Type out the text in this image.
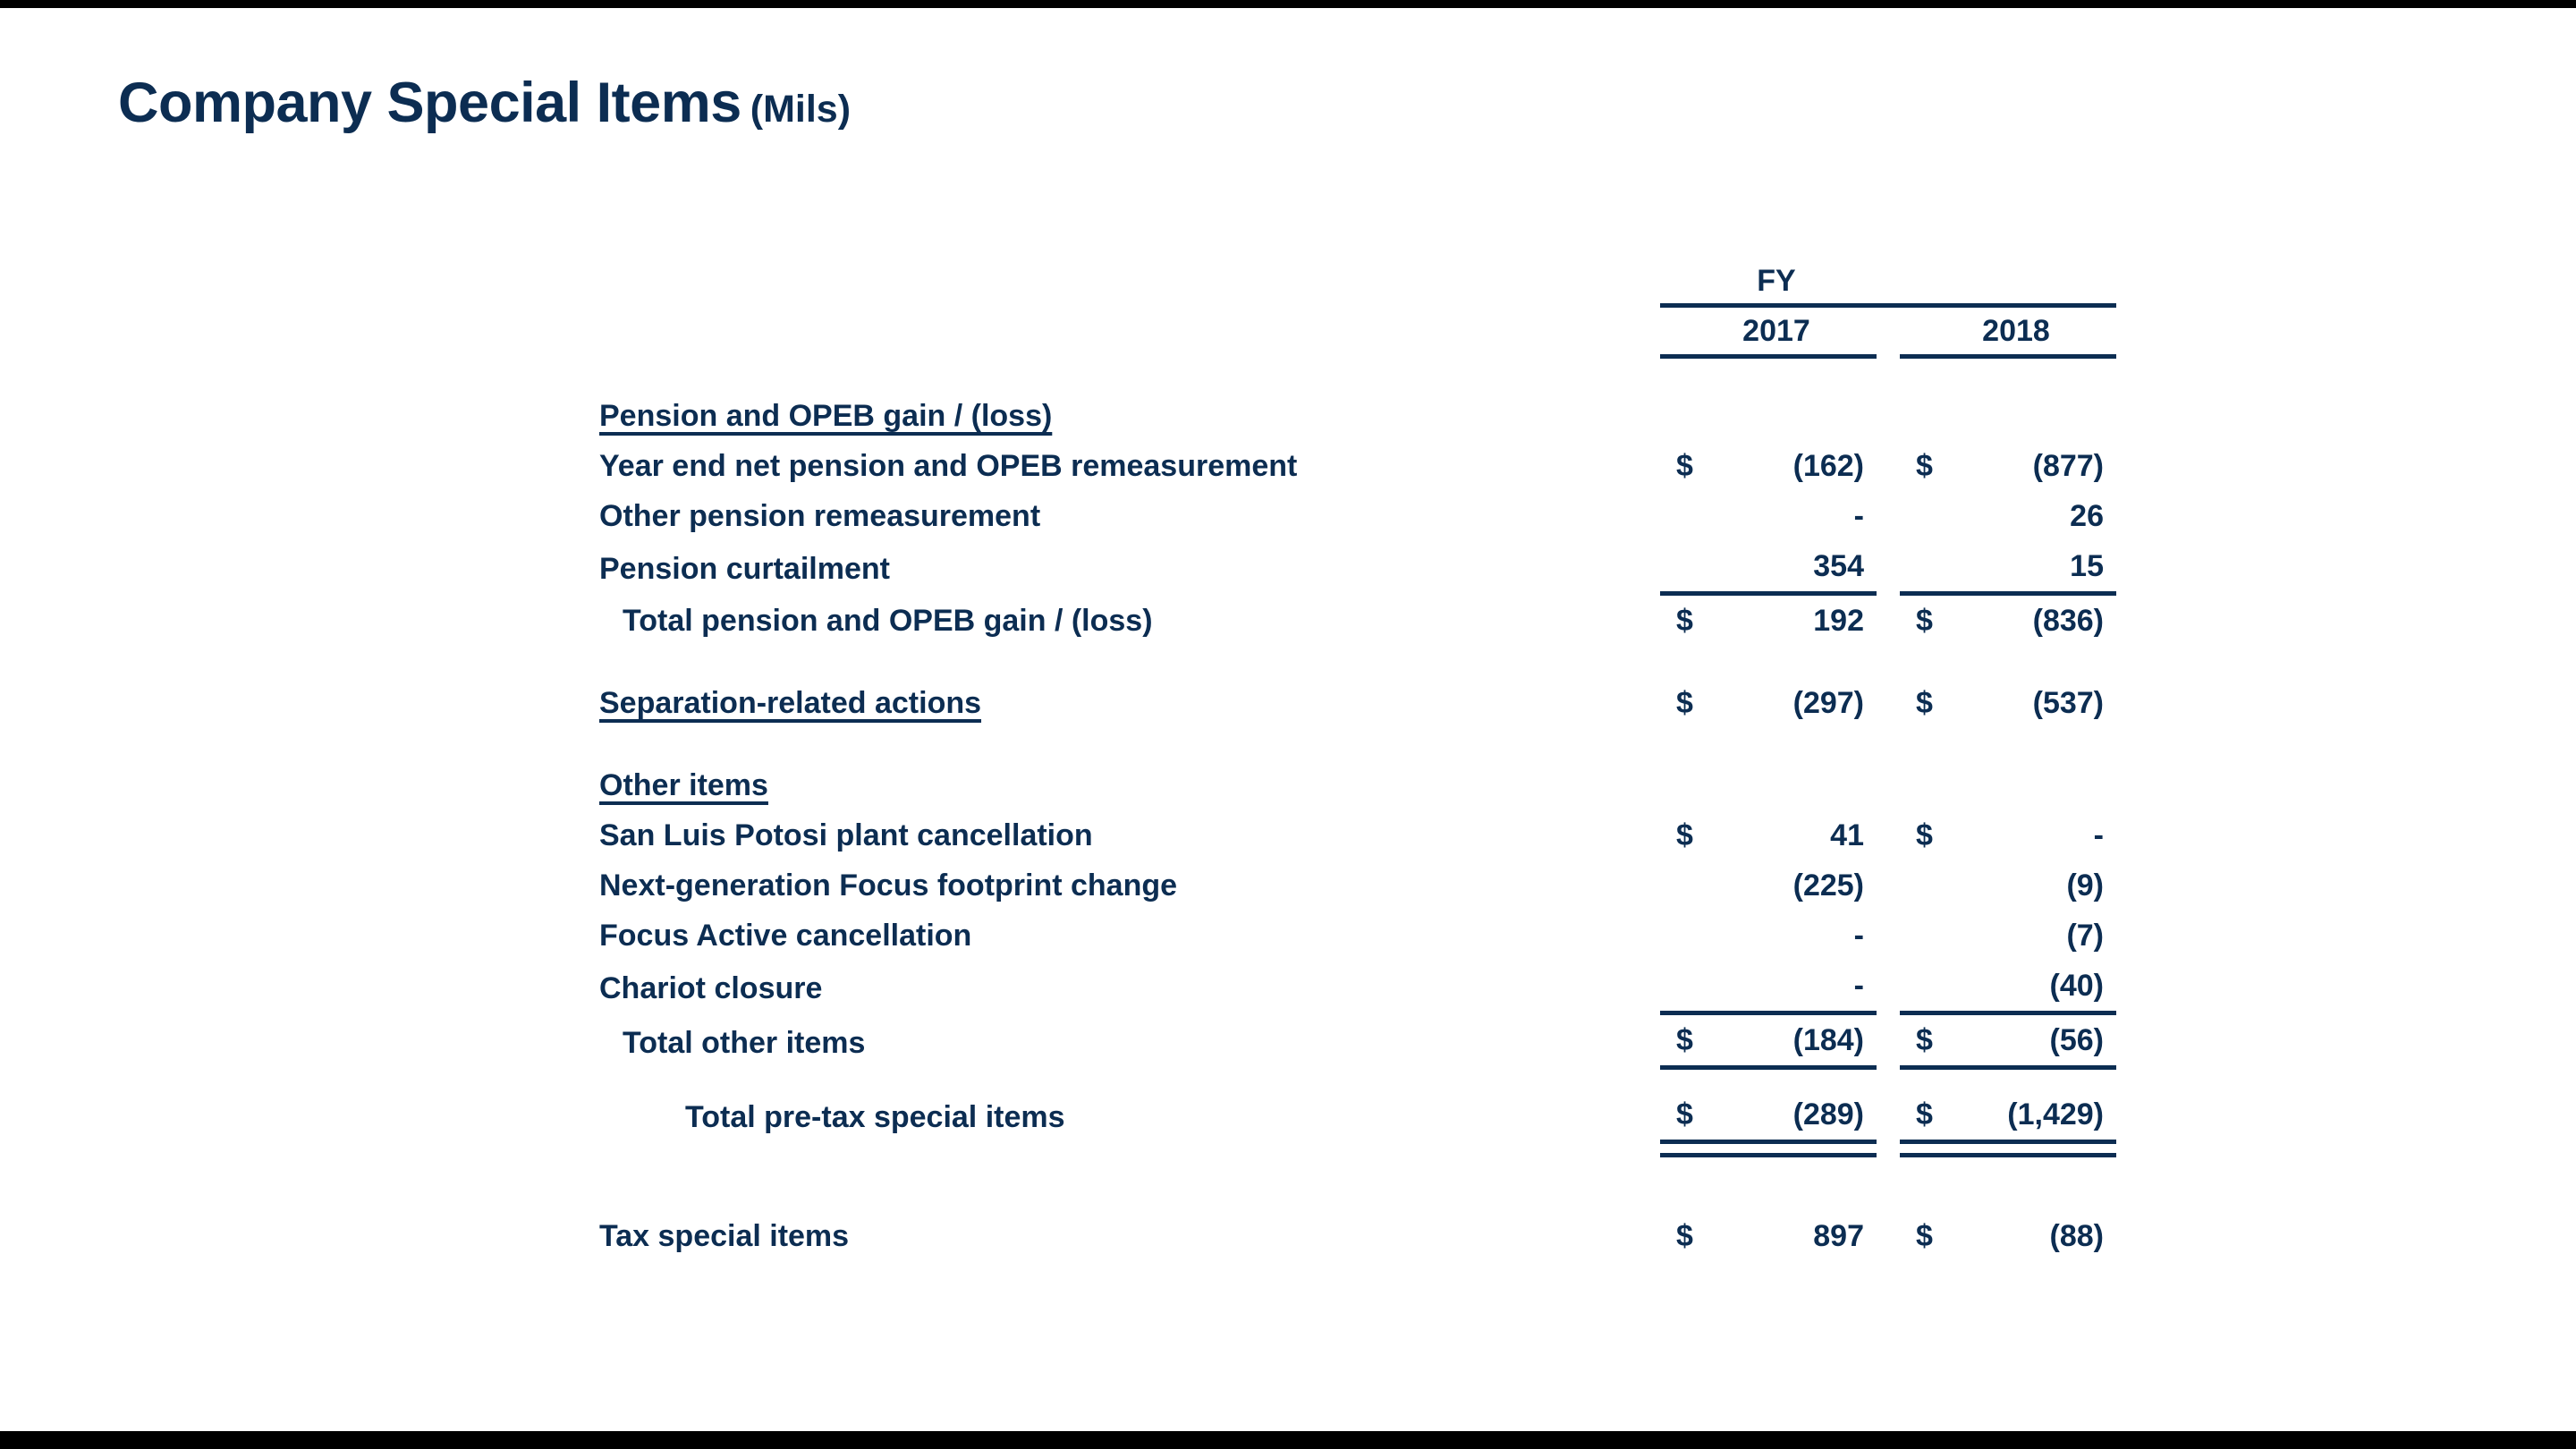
Company Special Items (Mils)
	FY				
	2017			2018	

Pension and OPEB gain / (loss)					
Year end net pension and OPEB remeasurement	$	(162)		$	(877)
Other pension remeasurement		-			26
Pension curtailment		354			15
Total pension and OPEB gain / (loss)	$	192		$	(836)

Separation-related actions	$	(297)		$	(537)

Other items					
San Luis Potosi plant cancellation	$	41		$	-
Next-generation Focus footprint change		(225)			(9)
Focus Active cancellation		-			(7)
Chariot closure		-			(40)
Total other items	$	(184)		$	(56)

Total pre-tax special items	$	(289)		$	(1,429)

Tax special items	$	897		$	(88)
